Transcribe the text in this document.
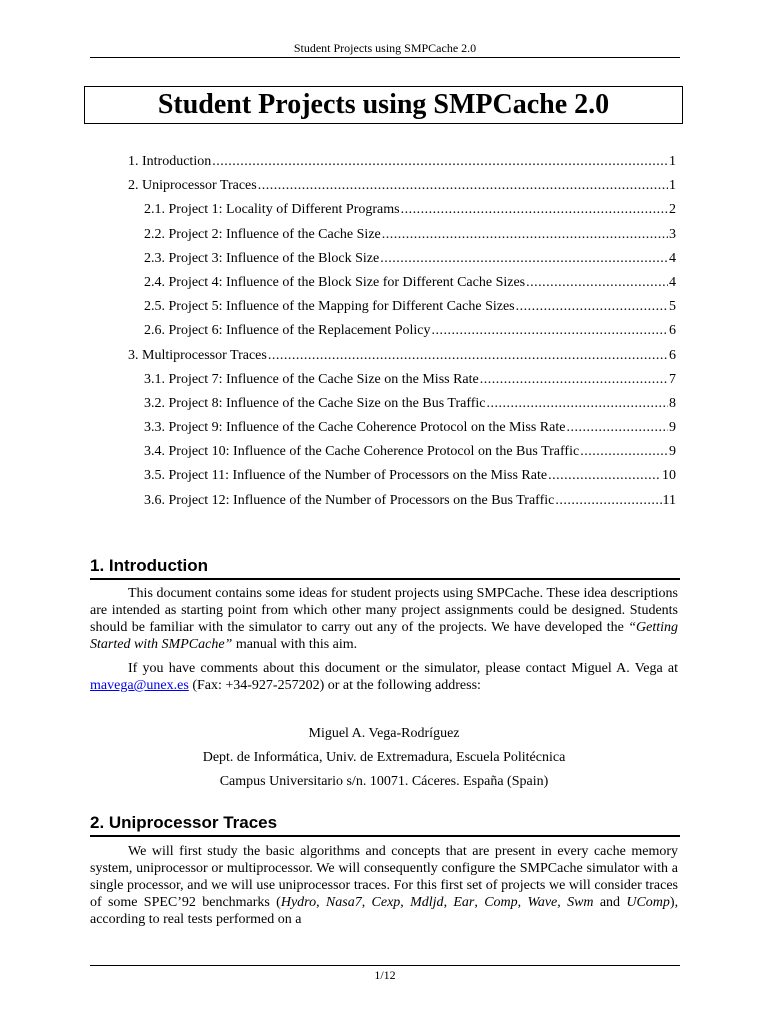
Student Projects using SMPCache 2.0
Student Projects using SMPCache 2.0
1. Introduction .....	1
2. Uniprocessor Traces .....	1
2.1. Project 1: Locality of Different Programs .....	2
2.2. Project 2: Influence of the Cache Size .....	3
2.3. Project 3: Influence of the Block Size .....	4
2.4. Project 4: Influence of the Block Size for Different Cache Sizes .....	4
2.5. Project 5: Influence of the Mapping for Different Cache Sizes .....	5
2.6. Project 6: Influence of the Replacement Policy .....	6
3. Multiprocessor Traces .....	6
3.1. Project 7: Influence of the Cache Size on the Miss Rate .....	7
3.2. Project 8: Influence of the Cache Size on the Bus Traffic .....	8
3.3. Project 9: Influence of the Cache Coherence Protocol on the Miss Rate .....	9
3.4. Project 10: Influence of the Cache Coherence Protocol on the Bus Traffic .....	9
3.5. Project 11: Influence of the Number of Processors on the Miss Rate .....	10
3.6. Project 12: Influence of the Number of Processors on the Bus Traffic .....	11
1. Introduction

This document contains some ideas for student projects using SMPCache. These idea descriptions are intended as starting point from which other many project assignments could be designed. Students should be familiar with the simulator to carry out any of the projects. We have developed the “Getting Started with SMPCache” manual with this aim.

If you have comments about this document or the simulator, please contact Miguel A. Vega at mavega@unex.es (Fax: +34-927-257202) or at the following address:

Miguel A. Vega-Rodríguez
Dept. de Informática, Univ. de Extremadura, Escuela Politécnica
Campus Universitario s/n. 10071. Cáceres. España (Spain)
2. Uniprocessor Traces

We will first study the basic algorithms and concepts that are present in every cache memory system, uniprocessor or multiprocessor. We will consequently configure the SMPCache simulator with a single processor, and we will use uniprocessor traces. For this first set of projects we will consider traces of some SPEC’92 benchmarks (Hydro, Nasa7, Cexp, Mdljd, Ear, Comp, Wave, Swm and UComp), according to real tests performed on a

1/12
